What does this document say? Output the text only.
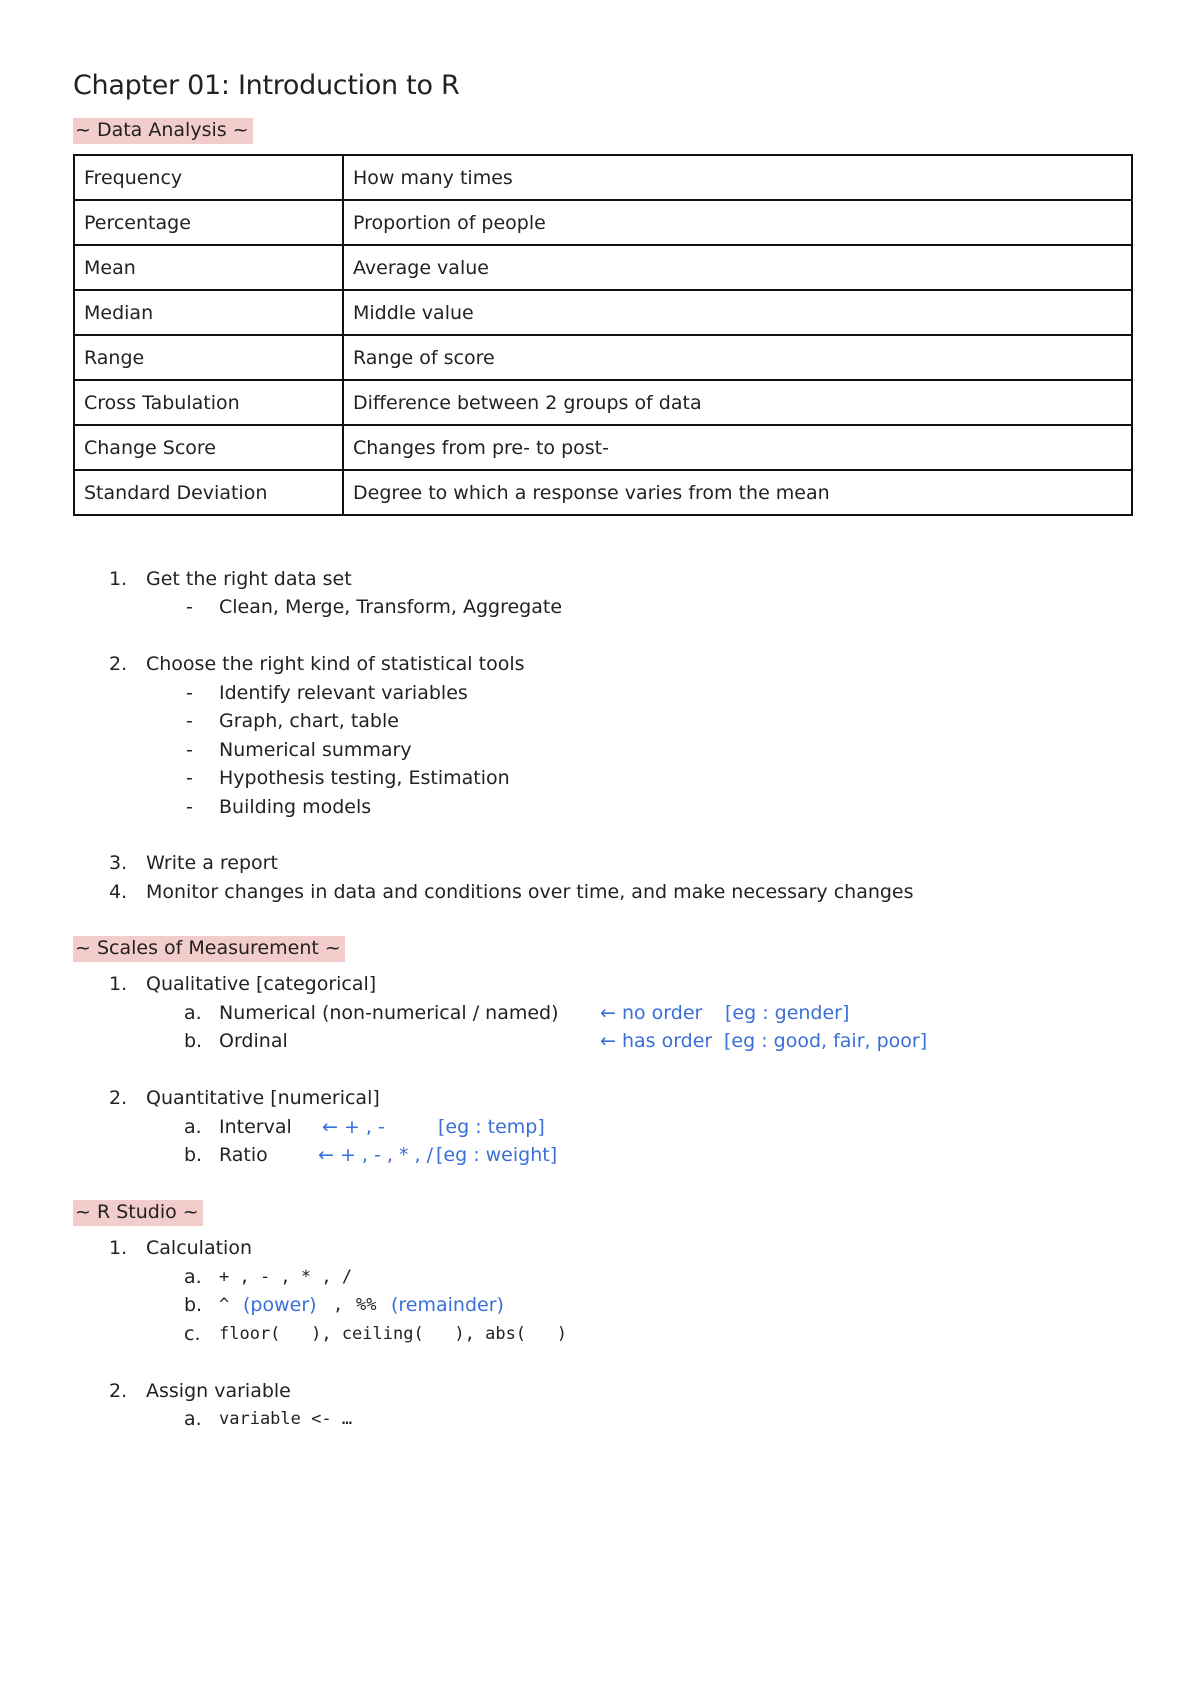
Chapter 01: Introduction to R
~ Data Analysis ~
Frequency	How many times
Percentage	Proportion of people
Mean	Average value
Median	Middle value
Range	Range of score
Cross Tabulation	Difference between 2 groups of data
Change Score	Changes from pre- to post-
Standard Deviation	Degree to which a response varies from the mean
1. Get the right data set
- Clean, Merge, Transform, Aggregate
2. Choose the right kind of statistical tools
- Identify relevant variables
- Graph, chart, table
- Numerical summary
- Hypothesis testing, Estimation
- Building models
3. Write a report
4. Monitor changes in data and conditions over time, and make necessary changes
~ Scales of Measurement ~
1. Qualitative [categorical]
a. Numerical (non-numerical / named) ← no order [eg : gender]
b. Ordinal	← has order [eg : good, fair, poor]
2. Quantitative [numerical]
a. Interval ← + , -	[eg : temp]
b. Ratio	← + , - , * , / [eg : weight]
~ R Studio ~
1. Calculation
a. + , - , * , /
b. ^ (power) , %% (remainder)
c. floor(   ), ceiling(   ), abs(   )
2. Assign variable
a. variable <- …
